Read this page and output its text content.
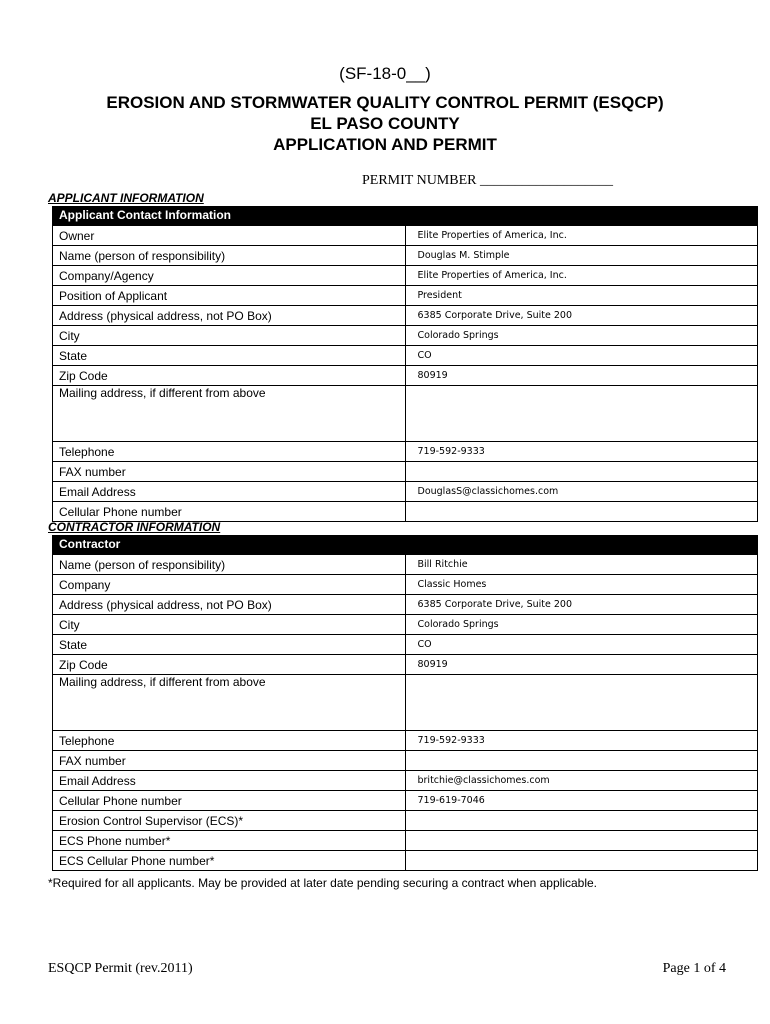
(SF-18-0__)
EROSION AND STORMWATER QUALITY CONTROL PERMIT (ESQCP)
EL PASO COUNTY
APPLICATION AND PERMIT
PERMIT NUMBER ___________________
APPLICANT INFORMATION
Applicant Contact Information	
Owner	Elite Properties of America, Inc.
Name (person of responsibility)	Douglas M. Stimple
Company/Agency	Elite Properties of America, Inc.
Position of Applicant	President
Address (physical address, not PO Box)	6385 Corporate Drive, Suite 200
City	Colorado Springs
State	CO
Zip Code	80919
Mailing address, if different from above	
Telephone	719-592-9333
FAX number	
Email Address	DouglasS@classichomes.com
Cellular Phone number	
CONTRACTOR INFORMATION
Contractor	
Name (person of responsibility)	Bill Ritchie
Company	Classic Homes
Address (physical address, not PO Box)	6385 Corporate Drive, Suite 200
City	Colorado Springs
State	CO
Zip Code	80919
Mailing address, if different from above	
Telephone	719-592-9333
FAX number	
Email Address	britchie@classichomes.com
Cellular Phone number	719-619-7046
Erosion Control Supervisor (ECS)*	
ECS Phone number*	
ECS Cellular Phone number*	
*Required for all applicants. May be provided at later date pending securing a contract when applicable.
ESQCP Permit (rev.2011)	Page 1 of 4
